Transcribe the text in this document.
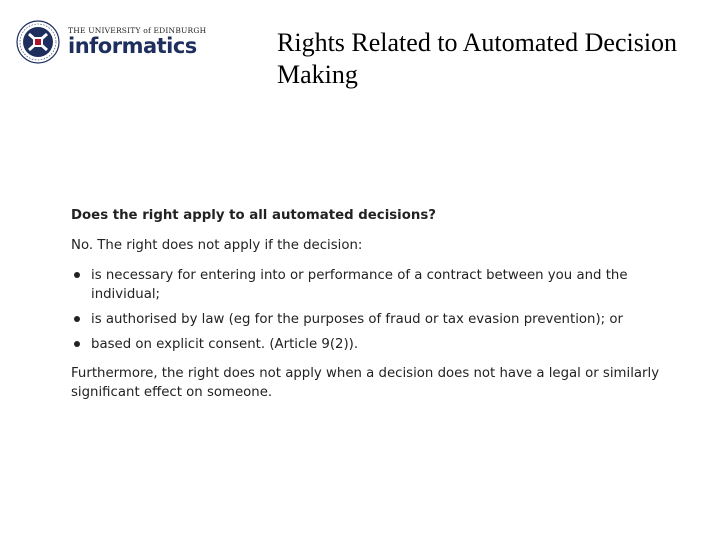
THE UNIVERSITY of EDINBURGH
informatics	Rights Related to Automated Decision Making

Does the right apply to all automated decisions?

No. The right does not apply if the decision:

is necessary for entering into or performance of a contract between you and the individual;
is authorised by law (eg for the purposes of fraud or tax evasion prevention); or
based on explicit consent. (Article 9(2)).

Furthermore, the right does not apply when a decision does not have a legal or similarly significant effect on someone.
